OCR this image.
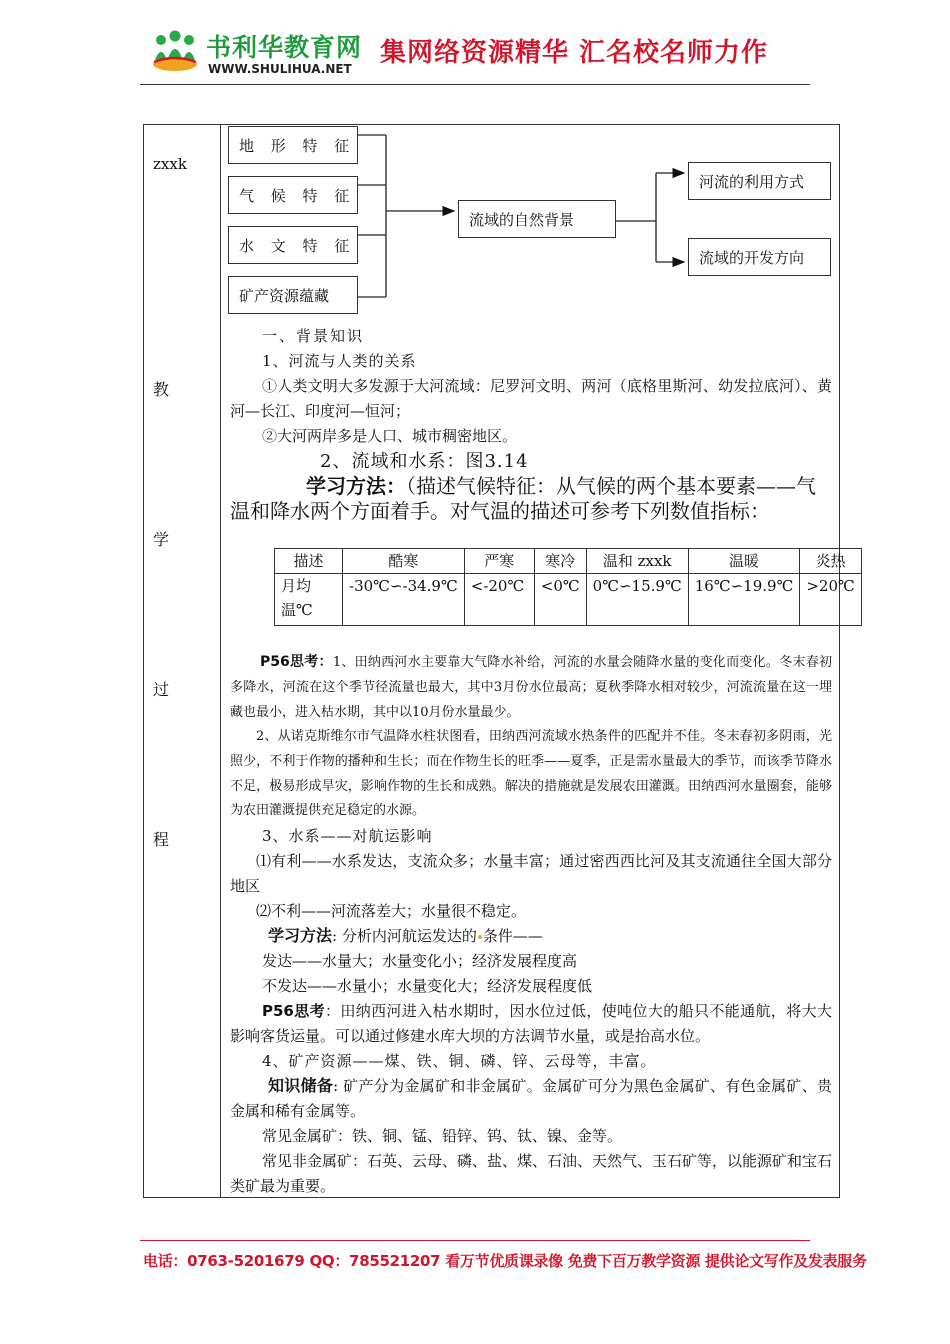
书利华教育网
WWW.SHULIHUA.NET
集网络资源精华 汇名校名师力作
zxxk
教
学
过
程
地 形 特 征
气 候 特 征
水 文 特 征
矿产资源蕴藏
流域的自然背景
河流的利用方式
流域的开发方向
一、背景知识
1、河流与人类的关系
①人类文明大多发源于大河流域：尼罗河文明、两河（底格里斯河、幼发拉底河）、黄河—长江、印度河—恒河；
②大河两岸多是人口、城市稠密地区。
2、流域和水系：图3.14
学习方法：（描述气候特征：从气候的两个基本要素——气温和降水两个方面着手。对气温的描述可参考下列数值指标：
描述	酷寒	严寒	寒冷	温和 zxxk	温暖	炎热
月均温℃	-30℃∽-34.9℃	<-20℃	<0℃	0℃∽15.9℃	16℃∽19.9℃	>20℃
P56思考：1、田纳西河水主要靠大气降水补给，河流的水量会随降水量的变化而变化。冬末春初多降水，河流在这个季节径流量也最大，其中3月份水位最高；夏秋季降水相对较少，河流流量在这一埋藏也最小，进入枯水期，其中以10月份水量最少。
2、从诺克斯维尔市气温降水柱状图看，田纳西河流域水热条件的匹配并不佳。冬末春初多阴雨，光照少，不利于作物的播种和生长；而在作物生长的旺季——夏季，正是需水量最大的季节，而该季节降水不足，极易形成旱灾，影响作物的生长和成熟。解决的措施就是发展农田灌溉。田纳西河水量圈套，能够为农田灌溉提供充足稳定的水源。
3、水系——对航运影响
⑴有利——水系发达，支流众多；水量丰富；通过密西西比河及其支流通往全国大部分地区
⑵不利——河流落差大；水量很不稳定。
学习方法: 分析内河航运发达的 条件——
发达——水量大；水量变化小；经济发展程度高
不发达——水量小；水量变化大；经济发展程度低
P56思考：田纳西河进入枯水期时，因水位过低，使吨位大的船只不能通航，将大大影响客货运量。可以通过修建水库大坝的方法调节水量，或是抬高水位。
4、矿产资源——煤、铁、铜、磷、锌、云母等，丰富。
知识储备: 矿产分为金属矿和非金属矿。金属矿可分为黑色金属矿、有色金属矿、贵金属和稀有金属等。
常见金属矿：铁、铜、锰、铅锌、钨、钛、镍、金等。
常见非金属矿：石英、云母、磷、盐、煤、石油、天然气、玉石矿等，以能源矿和宝石类矿最为重要。
电话：0763-5201679 QQ：785521207 看万节优质课录像 免费下百万教学资源 提供论文写作及发表服务
